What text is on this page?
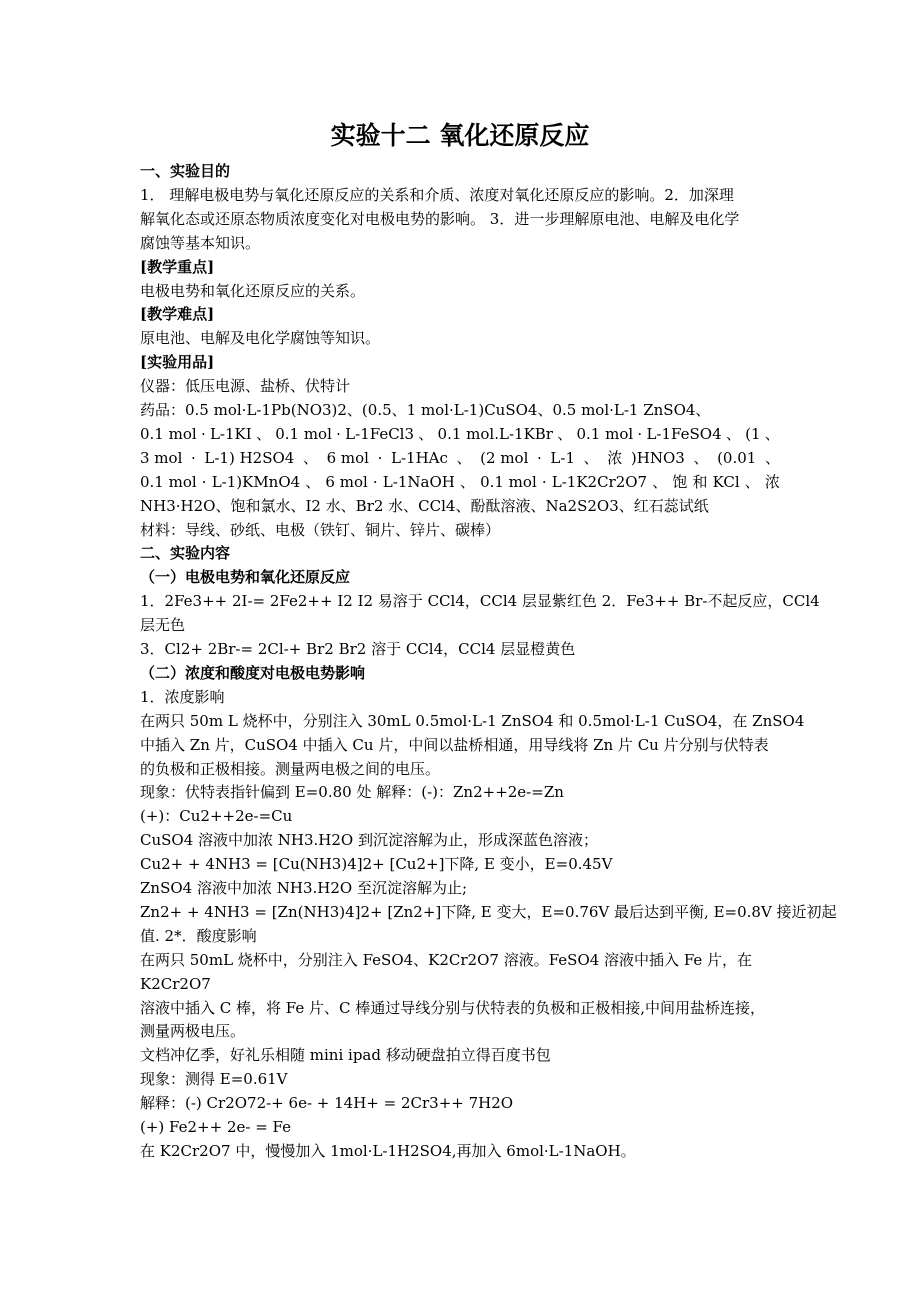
实验十二 氧化还原反应
一、实验目的
1． 理解电极电势与氧化还原反应的关系和介质、浓度对氧化还原反应的影响。2．加深理
解氧化态或还原态物质浓度变化对电极电势的影响。 3．进一步理解原电池、电解及电化学
腐蚀等基本知识。
[教学重点]
电极电势和氧化还原反应的关系。
[教学难点]
原电池、电解及电化学腐蚀等知识。
[实验用品]
仪器：低压电源、盐桥、伏特计
药品：0.5 mol·L-1Pb(NO3)2、(0.5、1 mol·L-1)CuSO4、0.5 mol·L-1 ZnSO4、
0.1 mol · L-1KI 、 0.1 mol · L-1FeCl3 、 0.1 mol.L-1KBr 、 0.1 mol · L-1FeSO4 、 (1 、
3 mol · L-1) H2SO4 、 6 mol · L-1HAc 、 (2 mol · L-1 、 浓 )HNO3 、 (0.01 、
0.1 mol · L-1)KMnO4 、 6 mol · L-1NaOH 、 0.1 mol · L-1K2Cr2O7 、 饱 和 KCl 、 浓
NH3·H2O、饱和氯水、I2 水、Br2 水、CCl4、酚酞溶液、Na2S2O3、红石蕊试纸
材料：导线、砂纸、电极（铁钉、铜片、锌片、碳棒）
二、实验内容
（一）电极电势和氧化还原反应
1．2Fe3++ 2I-= 2Fe2++ I2 I2 易溶于 CCl4，CCl4 层显紫红色 2．Fe3++ Br-不起反应，CCl4
层无色
3．Cl2+ 2Br-= 2Cl-+ Br2 Br2 溶于 CCl4，CCl4 层显橙黄色
（二）浓度和酸度对电极电势影响
1．浓度影响
在两只 50m L 烧杯中，分别注入 30mL 0.5mol·L-1 ZnSO4 和 0.5mol·L-1 CuSO4，在 ZnSO4
中插入 Zn 片，CuSO4 中插入 Cu 片，中间以盐桥相通，用导线将 Zn 片 Cu 片分别与伏特表
的负极和正极相接。测量两电极之间的电压。
现象：伏特表指针偏到 E=0.80 处 解释：(-)：Zn2++2e-=Zn
(+)：Cu2++2e-=Cu
CuSO4 溶液中加浓 NH3.H2O 到沉淀溶解为止，形成深蓝色溶液；
Cu2+ + 4NH3 = [Cu(NH3)4]2+ [Cu2+]下降, E 变小，E=0.45V
ZnSO4 溶液中加浓 NH3.H2O 至沉淀溶解为止;
Zn2+ + 4NH3 = [Zn(NH3)4]2+ [Zn2+]下降, E 变大，E=0.76V 最后达到平衡, E=0.8V 接近初起
值. 2*．酸度影响
在两只 50mL 烧杯中，分别注入 FeSO4、K2Cr2O7 溶液。FeSO4 溶液中插入 Fe 片，在
K2Cr2O7
溶液中插入 C 棒，将 Fe 片、C 棒通过导线分别与伏特表的负极和正极相接,中间用盐桥连接，
测量两极电压。
文档冲亿季，好礼乐相随 mini ipad 移动硬盘拍立得百度书包
现象：测得 E=0.61V
解释：(-) Cr2O72-+ 6e- + 14H+ = 2Cr3++ 7H2O
(+) Fe2++ 2e- = Fe
在 K2Cr2O7 中，慢慢加入 1mol·L-1H2SO4,再加入 6mol·L-1NaOH。
